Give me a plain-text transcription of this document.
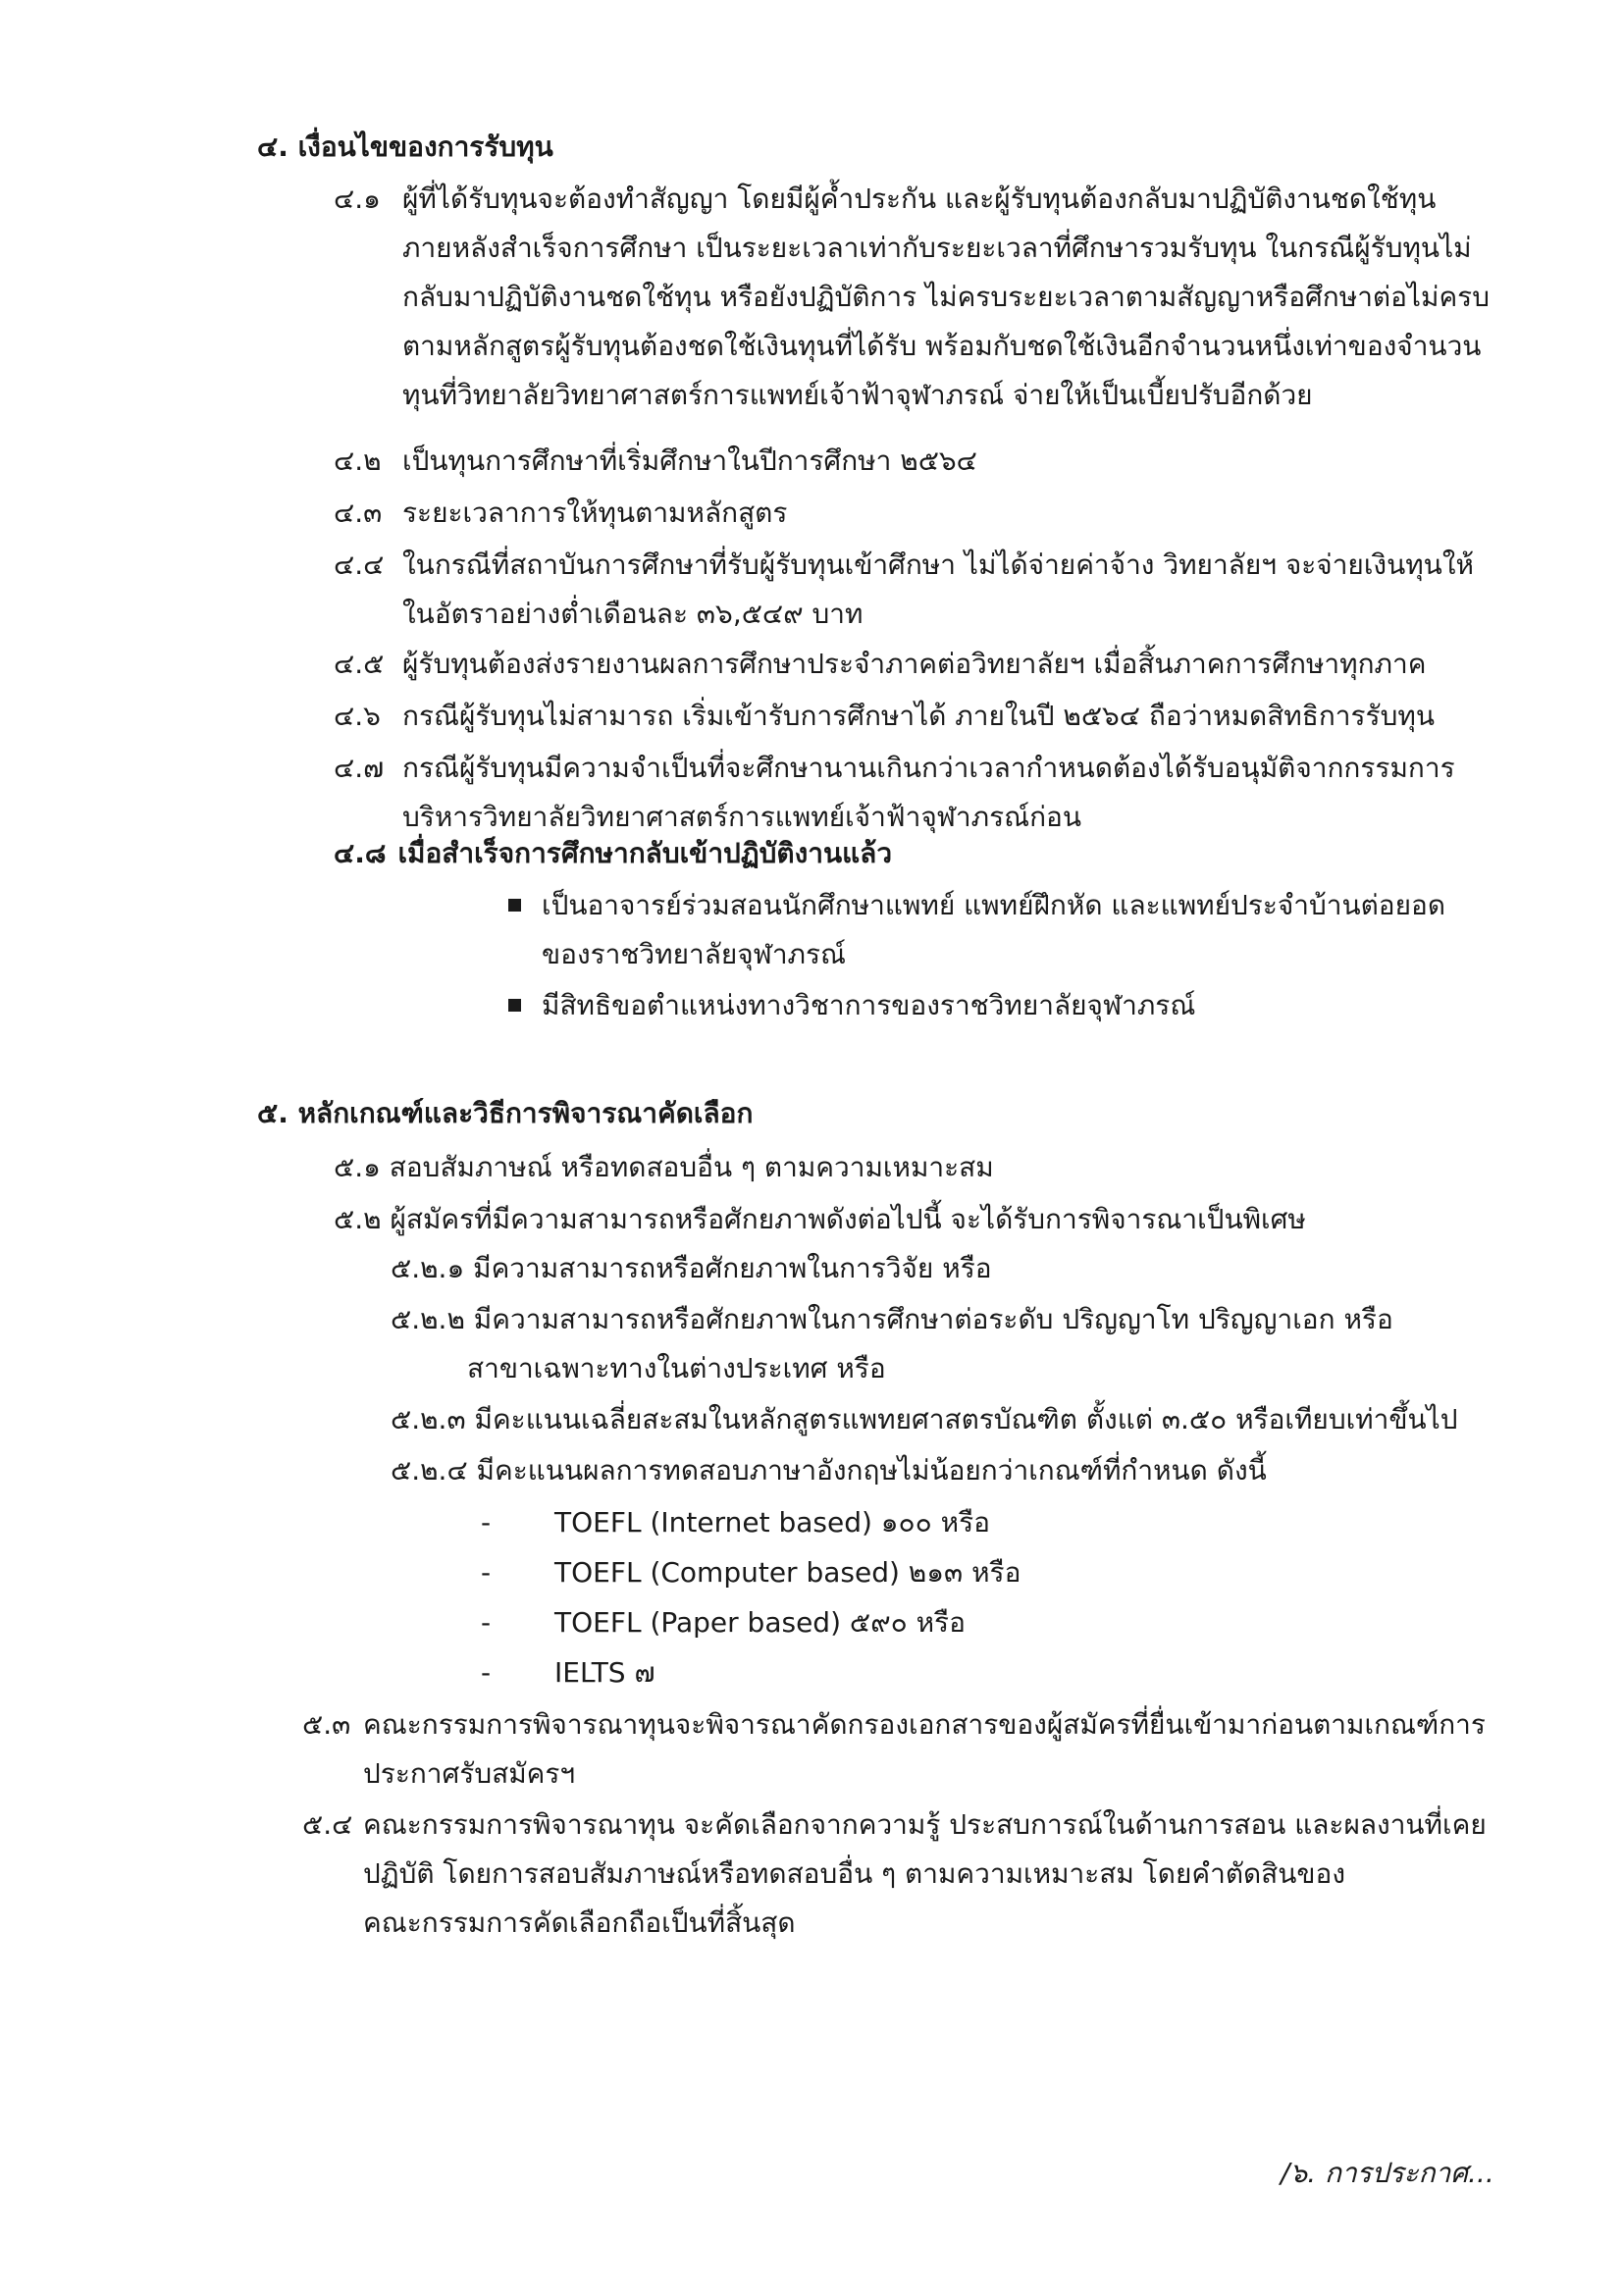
๔. เงื่อนไขของการรับทุน
๔.๑ ผู้ที่ได้รับทุนจะต้องทำสัญญา โดยมีผู้ค้ำประกัน และผู้รับทุนต้องกลับมาปฏิบัติงานชดใช้ทุน
ภายหลังสำเร็จการศึกษา เป็นระยะเวลาเท่ากับระยะเวลาที่ศึกษารวมรับทุน ในกรณีผู้รับทุนไม่
กลับมาปฏิบัติงานชดใช้ทุน หรือยังปฏิบัติการ ไม่ครบระยะเวลาตามสัญญาหรือศึกษาต่อไม่ครบ
ตามหลักสูตรผู้รับทุนต้องชดใช้เงินทุนที่ได้รับ พร้อมกับชดใช้เงินอีกจำนวนหนึ่งเท่าของจำนวน
ทุนที่วิทยาลัยวิทยาศาสตร์การแพทย์เจ้าฟ้าจุฬาภรณ์ จ่ายให้เป็นเบี้ยปรับอีกด้วย
๔.๒ เป็นทุนการศึกษาที่เริ่มศึกษาในปีการศึกษา ๒๕๖๔
๔.๓ ระยะเวลาการให้ทุนตามหลักสูตร
๔.๔ ในกรณีที่สถาบันการศึกษาที่รับผู้รับทุนเข้าศึกษา ไม่ได้จ่ายค่าจ้าง วิทยาลัยฯ จะจ่ายเงินทุนให้
ในอัตราอย่างต่ำเดือนละ ๓๖,๕๔๙ บาท
๔.๕ ผู้รับทุนต้องส่งรายงานผลการศึกษาประจำภาคต่อวิทยาลัยฯ เมื่อสิ้นภาคการศึกษาทุกภาค
๔.๖ กรณีผู้รับทุนไม่สามารถ เริ่มเข้ารับการศึกษาได้ ภายในปี ๒๕๖๔ ถือว่าหมดสิทธิการรับทุน
๔.๗ กรณีผู้รับทุนมีความจำเป็นที่จะศึกษานานเกินกว่าเวลากำหนดต้องได้รับอนุมัติจากกรรมการ
บริหารวิทยาลัยวิทยาศาสตร์การแพทย์เจ้าฟ้าจุฬาภรณ์ก่อน
๔.๘ เมื่อสำเร็จการศึกษากลับเข้าปฏิบัติงานแล้ว
เป็นอาจารย์ร่วมสอนนักศึกษาแพทย์ แพทย์ฝึกหัด และแพทย์ประจำบ้านต่อยอด
ของราชวิทยาลัยจุฬาภรณ์
มีสิทธิขอตำแหน่งทางวิชาการของราชวิทยาลัยจุฬาภรณ์
๕. หลักเกณฑ์และวิธีการพิจารณาคัดเลือก
๕.๑ สอบสัมภาษณ์ หรือทดสอบอื่น ๆ ตามความเหมาะสม
๕.๒ ผู้สมัครที่มีความสามารถหรือศักยภาพดังต่อไปนี้ จะได้รับการพิจารณาเป็นพิเศษ
๕.๒.๑ มีความสามารถหรือศักยภาพในการวิจัย หรือ
๕.๒.๒ มีความสามารถหรือศักยภาพในการศึกษาต่อระดับ ปริญญาโท ปริญญาเอก หรือ
สาขาเฉพาะทางในต่างประเทศ หรือ
๕.๒.๓ มีคะแนนเฉลี่ยสะสมในหลักสูตรแพทยศาสตรบัณฑิต ตั้งแต่ ๓.๕๐ หรือเทียบเท่าขึ้นไป
๕.๒.๔ มีคะแนนผลการทดสอบภาษาอังกฤษไม่น้อยกว่าเกณฑ์ที่กำหนด ดังนี้
- TOEFL (Internet based) ๑๐๐ หรือ
- TOEFL (Computer based) ๒๑๓ หรือ
- TOEFL (Paper based) ๕๙๐ หรือ
- IELTS ๗
๕.๓ คณะกรรมการพิจารณาทุนจะพิจารณาคัดกรองเอกสารของผู้สมัครที่ยื่นเข้ามาก่อนตามเกณฑ์การ
ประกาศรับสมัครฯ
๕.๔ คณะกรรมการพิจารณาทุน จะคัดเลือกจากความรู้ ประสบการณ์ในด้านการสอน และผลงานที่เคย
ปฏิบัติ โดยการสอบสัมภาษณ์หรือทดสอบอื่น ๆ ตามความเหมาะสม โดยคำตัดสินของ
คณะกรรมการคัดเลือกถือเป็นที่สิ้นสุด
/๖. การประกาศ...
